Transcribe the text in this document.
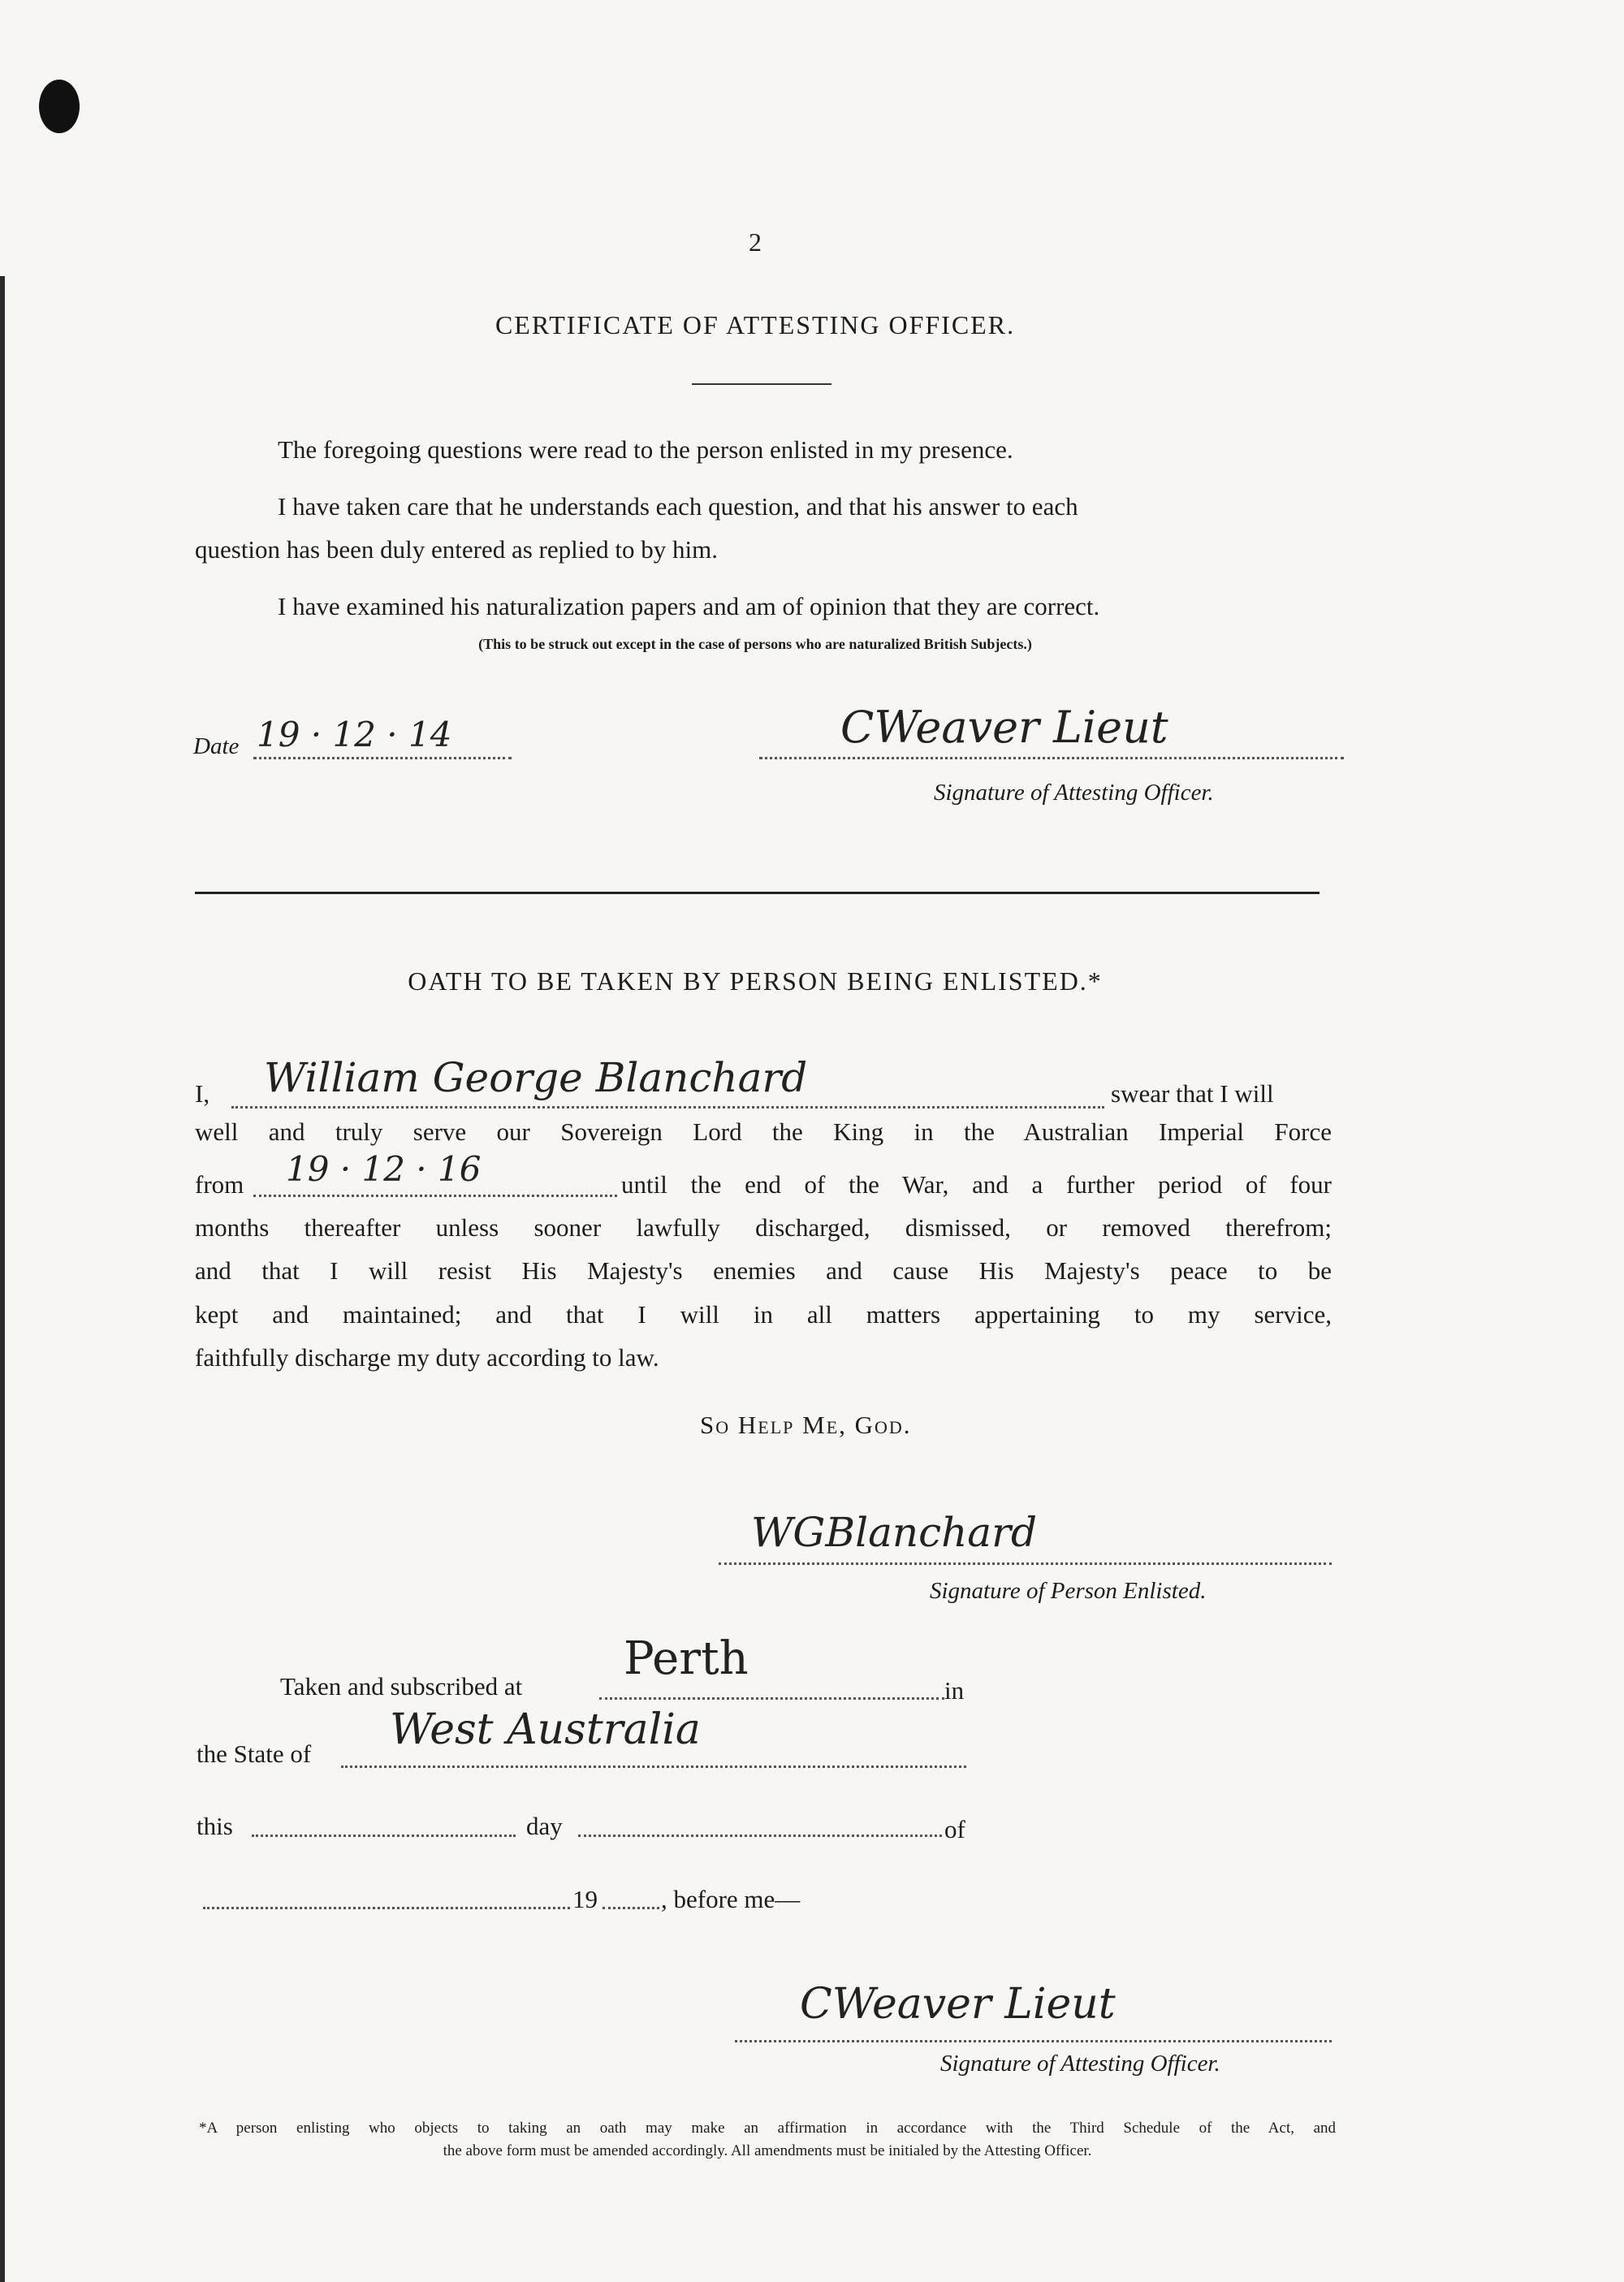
2
CERTIFICATE OF ATTESTING OFFICER.
The foregoing questions were read to the person enlisted in my presence.
I have taken care that he understands each question, and that his answer to each
question has been duly entered as replied to by him.
I have examined his naturalization papers and am of opinion that they are correct.
(This to be struck out except in the case of persons who are naturalized British Subjects.)
Date 19 · 12 · 14	CWeaver Lieut
Signature of Attesting Officer.
OATH TO BE TAKEN BY PERSON BEING ENLISTED.*
I, William George Blanchard	swear that I will
well and truly serve our Sovereign Lord the King in the Australian Imperial Force
from 19 · 12 · 16	until the end of the War, and a further period of four
months thereafter unless sooner lawfully discharged, dismissed, or removed therefrom;
and that I will resist His Majesty's enemies and cause His Majesty's peace to be
kept and maintained; and that I will in all matters appertaining to my service,
faithfully discharge my duty according to law.
So Help Me, God.
WGBlanchard
Signature of Person Enlisted.
Taken and subscribed at
Perth
in
the State of West Australia
this	day	of
19	, before me—
CWeaver Lieut
Signature of Attesting Officer.
*A person enlisting who objects to taking an oath may make an affirmation in accordance with the Third Schedule of the Act, and
the above form must be amended accordingly. All amendments must be initialed by the Attesting Officer.
